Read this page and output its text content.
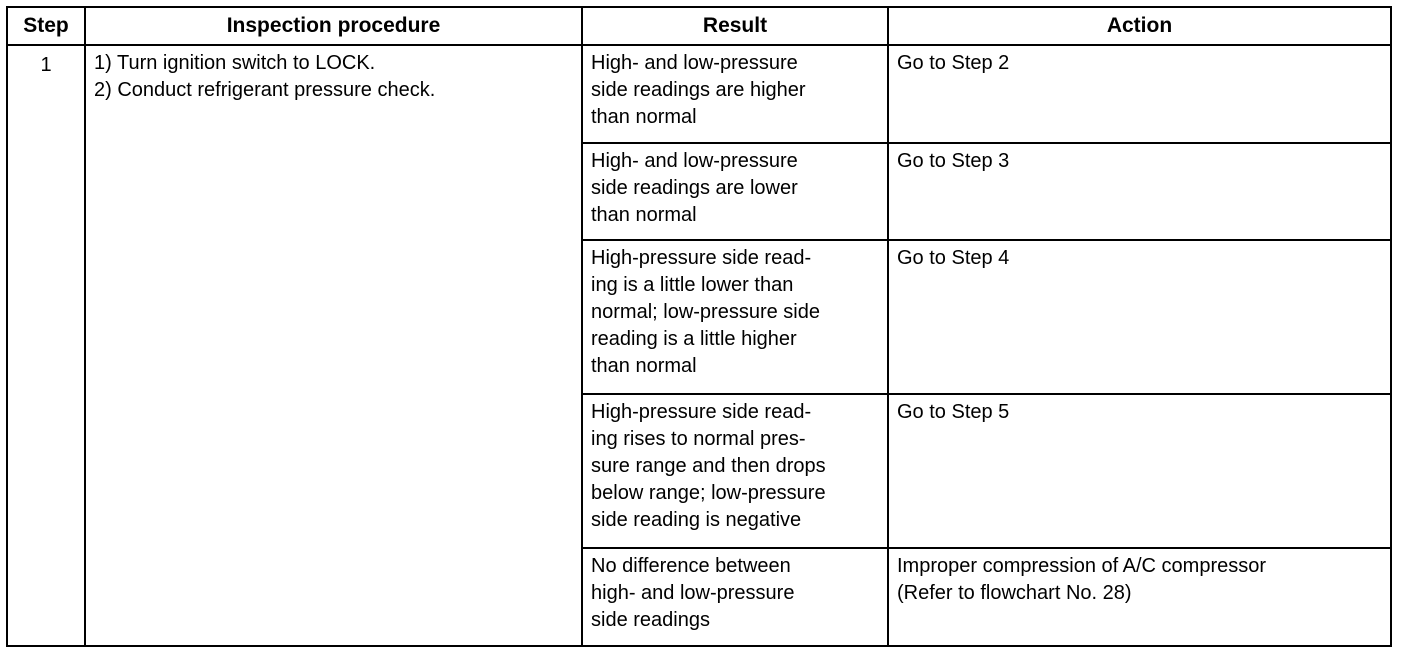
Step	Inspection procedure	Result	Action

1	1) Turn ignition switch to LOCK.
2) Conduct refrigerant pressure check.	High- and low-pressure
side readings are higher
than normal	Go to Step 2

		High- and low-pressure
side readings are lower
than normal	Go to Step 3

		High-pressure side read-
ing is a little lower than
normal; low-pressure side
reading is a little higher
than normal	Go to Step 4

		High-pressure side read-
ing rises to normal pres-
sure range and then drops
below range; low-pressure
side reading is negative	Go to Step 5

		No difference between
high- and low-pressure
side readings	Improper compression of A/C compressor
(Refer to flowchart No. 28)
